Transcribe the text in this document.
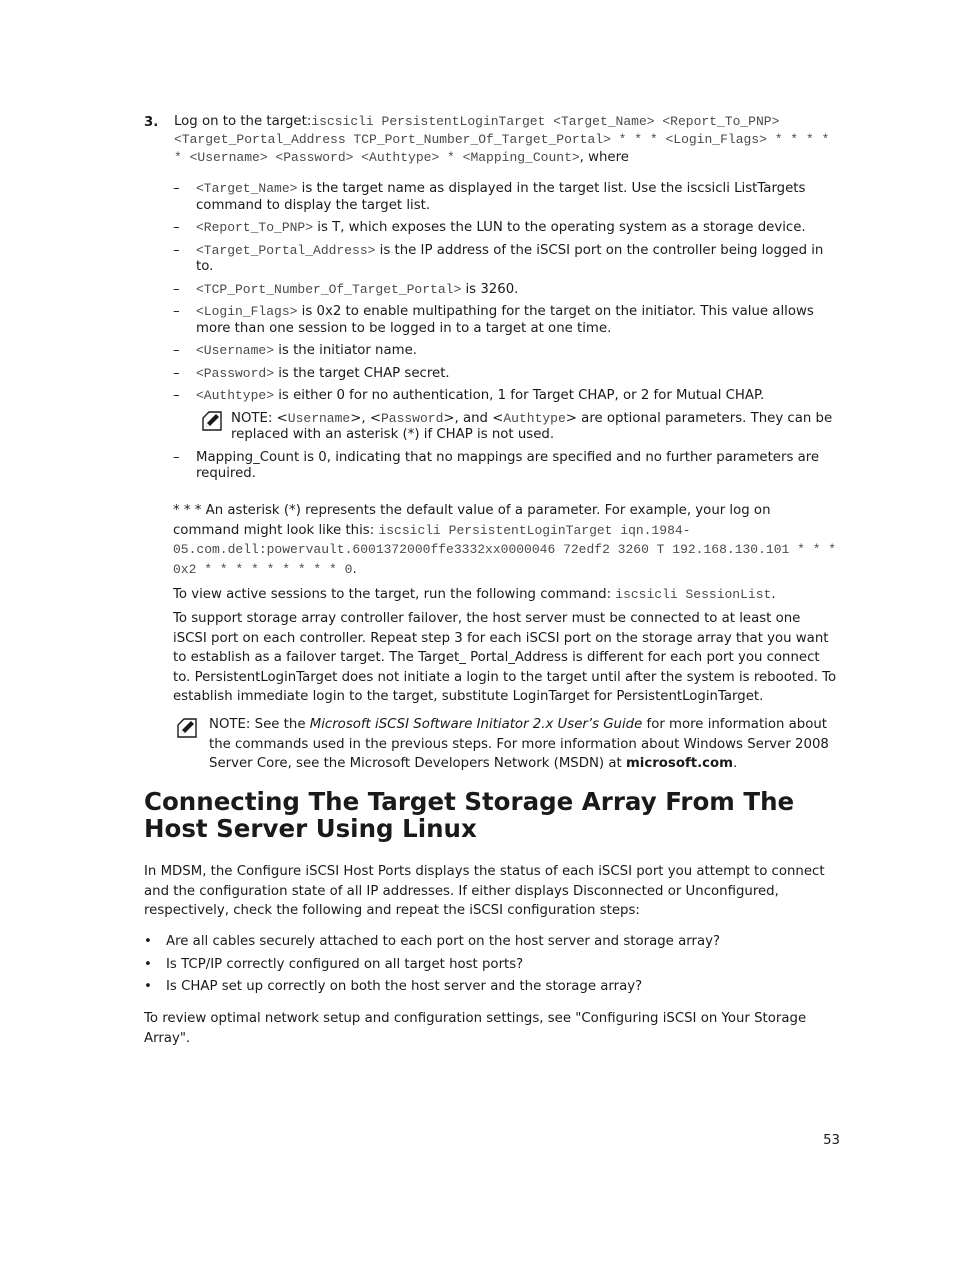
3. Log on to the target:iscsicli PersistentLoginTarget <Target_Name> <Report_To_PNP> <Target_Portal_Address TCP_Port_Number_Of_Target_Portal> * * * <Login_Flags> * * * * * <Username> <Password> <Authtype> * <Mapping_Count>, where
– <Target_Name> is the target name as displayed in the target list. Use the iscsicli ListTargets command to display the target list.
– <Report_To_PNP> is T, which exposes the LUN to the operating system as a storage device.
– <Target_Portal_Address> is the IP address of the iSCSI port on the controller being logged in to.
– <TCP_Port_Number_Of_Target_Portal> is 3260.
– <Login_Flags> is 0x2 to enable multipathing for the target on the initiator. This value allows more than one session to be logged in to a target at one time.
– <Username> is the initiator name.
– <Password> is the target CHAP secret.
– <Authtype> is either 0 for no authentication, 1 for Target CHAP, or 2 for Mutual CHAP.
NOTE: <Username>, <Password>, and <Authtype> are optional parameters. They can be replaced with an asterisk (*) if CHAP is not used.
– Mapping_Count is 0, indicating that no mappings are specified and no further parameters are required.
* * * An asterisk (*) represents the default value of a parameter. For example, your log on command might look like this: iscsicli PersistentLoginTarget iqn.1984-05.com.dell:powervault.6001372000ffe3332xx0000046 72edf2 3260 T 192.168.130.101 * * * 0x2 * * * * * * * * * 0.
To view active sessions to the target, run the following command: iscsicli SessionList.
To support storage array controller failover, the host server must be connected to at least one iSCSI port on each controller. Repeat step 3 for each iSCSI port on the storage array that you want to establish as a failover target. The Target_ Portal_Address is different for each port you connect to. PersistentLoginTarget does not initiate a login to the target until after the system is rebooted. To establish immediate login to the target, substitute LoginTarget for PersistentLoginTarget.
NOTE: See the Microsoft iSCSI Software Initiator 2.x User’s Guide for more information about the commands used in the previous steps. For more information about Windows Server 2008 Server Core, see the Microsoft Developers Network (MSDN) at microsoft.com.
Connecting The Target Storage Array From The Host Server Using Linux
In MDSM, the Configure iSCSI Host Ports displays the status of each iSCSI port you attempt to connect and the configuration state of all IP addresses. If either displays Disconnected or Unconfigured, respectively, check the following and repeat the iSCSI configuration steps:
• Are all cables securely attached to each port on the host server and storage array?
• Is TCP/IP correctly configured on all target host ports?
• Is CHAP set up correctly on both the host server and the storage array?
To review optimal network setup and configuration settings, see "Configuring iSCSI on Your Storage Array".
53
